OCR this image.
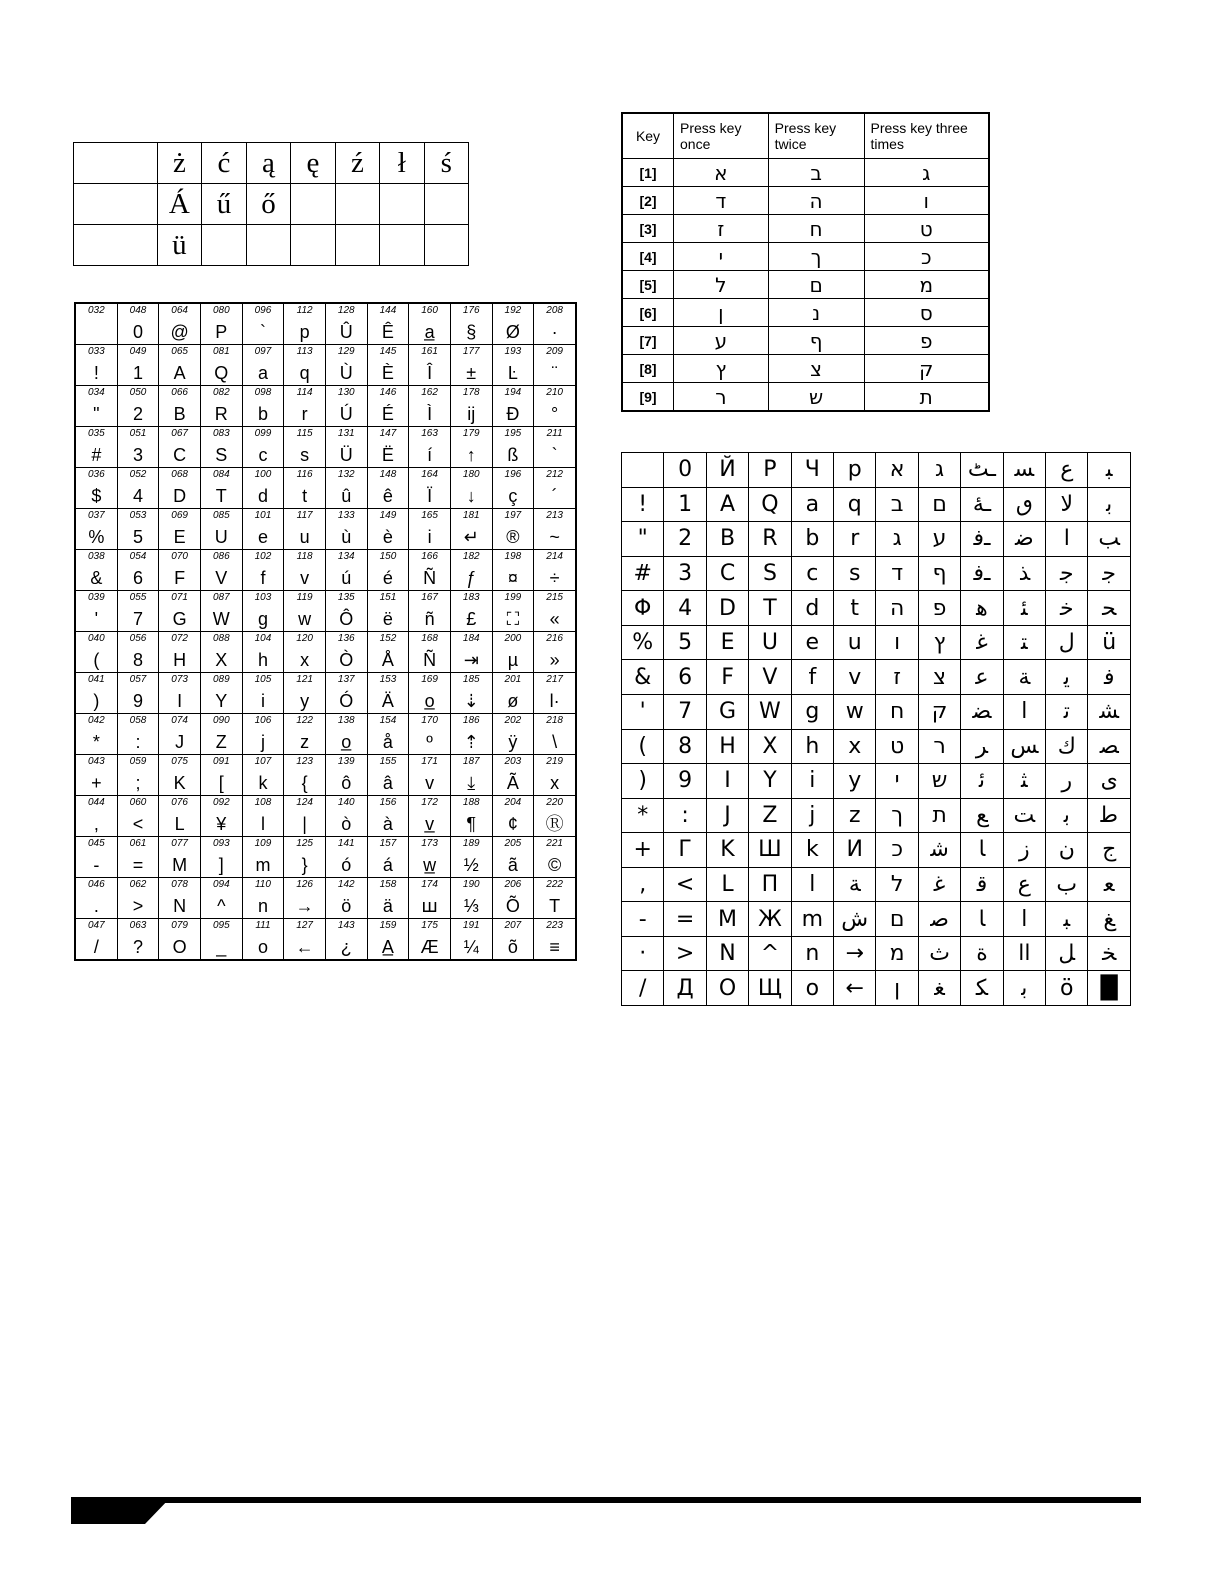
	ż	ć	ą	ę	ź	ł	ś
	Á	ű	ő				
	ü						
032	048
0	064
@	080
P	096
`	112
p	128
Û	144
Ê	160
a̲	176
§	192
Ø	208
·

033
!	049
1	065
A	081
Q	097
a	113
q	129
Ù	145
È	161
Î	177
±	193
Ŀ	209
¨

034
"	050
2	066
B	082
R	098
b	114
r	130
Ú	146
É	162
Ì	178
ij	194
Đ	210
°

035
#	051
3	067
C	083
S	099
c	115
s	131
Ü	147
Ë	163
í	179
↑	195
ß	211
`

036
$	052
4	068
D	084
T	100
d	116
t	132
û	148
ê	164
Ï	180
↓	196
ç	212
´

037
%	053
5	069
E	085
U	101
e	117
u	133
ù	149
è	165
i	181
↵	197
®	213
~

038
&	054
6	070
F	086
V	102
f	118
v	134
ú	150
é	166
Ñ	182
ƒ	198
¤	214
÷

039
'	055
7	071
G	087
W	103
g	119
w	135
Ô	151
ë	167
ñ	183
£	199
⛶	215
«

040
(	056
8	072
H	088
X	104
h	120
x	136
Ò	152
Å	168
Ñ	184
⇥	200
µ	216
»

041
)	057
9	073
I	089
Y	105
i	121
y	137
Ó	153
Ä	169
o̲	185
⇣	201
ø	217
l·

042
*	058
:	074
J	090
Z	106
j	122
z	138
o̲	154
å	170
º	186
⇡	202
ÿ	218
\

043
+	059
;	075
K	091
[	107
k	123
{	139
ô	155
â	171
v	187
⤓	203
Ã	219
x

044
,	060
<	076
L	092
¥	108
l	124
|	140
ò	156
à	172
v̲	188
¶	204
¢	220
Ⓡ

045
-	061
=	077
M	093
]	109
m	125
}	141
ó	157
á	173
w̲	189
½	205
ã	221
©

046
.	062
>	078
N	094
^	110
n	126
→	142
ö	158
ä	174
ꟺ	190
⅓	206
Õ	222
T

047
/	063
?	079
O	095
_	111
o	127
←	143
¿	159
A̲	175
Æ	191
¼	207
õ	223
≡
Key	Press key once	Press key twice	Press key three times
[1]	א	ב	ג
[2]	ד	ה	ו
[3]	ז	ח	ט
[4]	י	ך	כ
[5]	ל	ם	מ
[6]	ן	נ	ס
[7]	ע	ף	פ
[8]	ץ	צ	ק
[9]	ר	ש	ת
	0	Й	P	Ч	р	א	ג	ـٹ	ﺴ	ع	ﺒ
!	1	A	Q	a	q	ב	ם	ـۀ	ٯ	ﻻ	ﺑ
"	2	B	R	b	r	ג	ע	ـﻓ	ﺿ	ﺍ	ﺐ
#	3	C	S	c	s	ד	ף	ـﻓ	ﺬ	ﺟ	ﺟ
Φ	4	D	T	d	t	ה	פ	ﻫ	ﺌ	ﺧ	ﺤ
%	5	E	U	e	u	ו	ץ	ﻏ	ﺘ	ﻝ	ü
&	6	F	V	f	v	ז	צ	ﻋ	ﺔ	ﻳ	ﻓ
'	7	G	W	g	w	ח	ק	ﻀ	l	ﺗ	ﺸ
(	8	H	X	h	x	ט	ר	ﺮ	ﺲ	ﻙ	ﺼ
)	9	I	Y	i	y	י	ש	ﺋ	ﺜ	ﺭ	ﻯ
*	:	J	Z	j	z	ך	ת	ﻊ	ﺖ	ﺑ	ﻃ
+	Г	K	Ш	k	И	כ	ﺷ	ﺎ	ﺯ	ﻥ	ﺝ
,	<	L	П	l	ﺔ	ל	ﻏ	ﻗ	ﻉ	ﺏ	ﻌ
-	=	M	Ж	m	ﺵ	ם	ﺻ	ﺎ	l	ﺒ	ﻎ
·	>	N	^	n	→	מ	ﺙ	ﺓ	ﺍﺍ	ﻞ	ﺨ
/	Д	O	Щ	o	←	ן	ﻐ	ﻜ	ﺑ	ö	█
